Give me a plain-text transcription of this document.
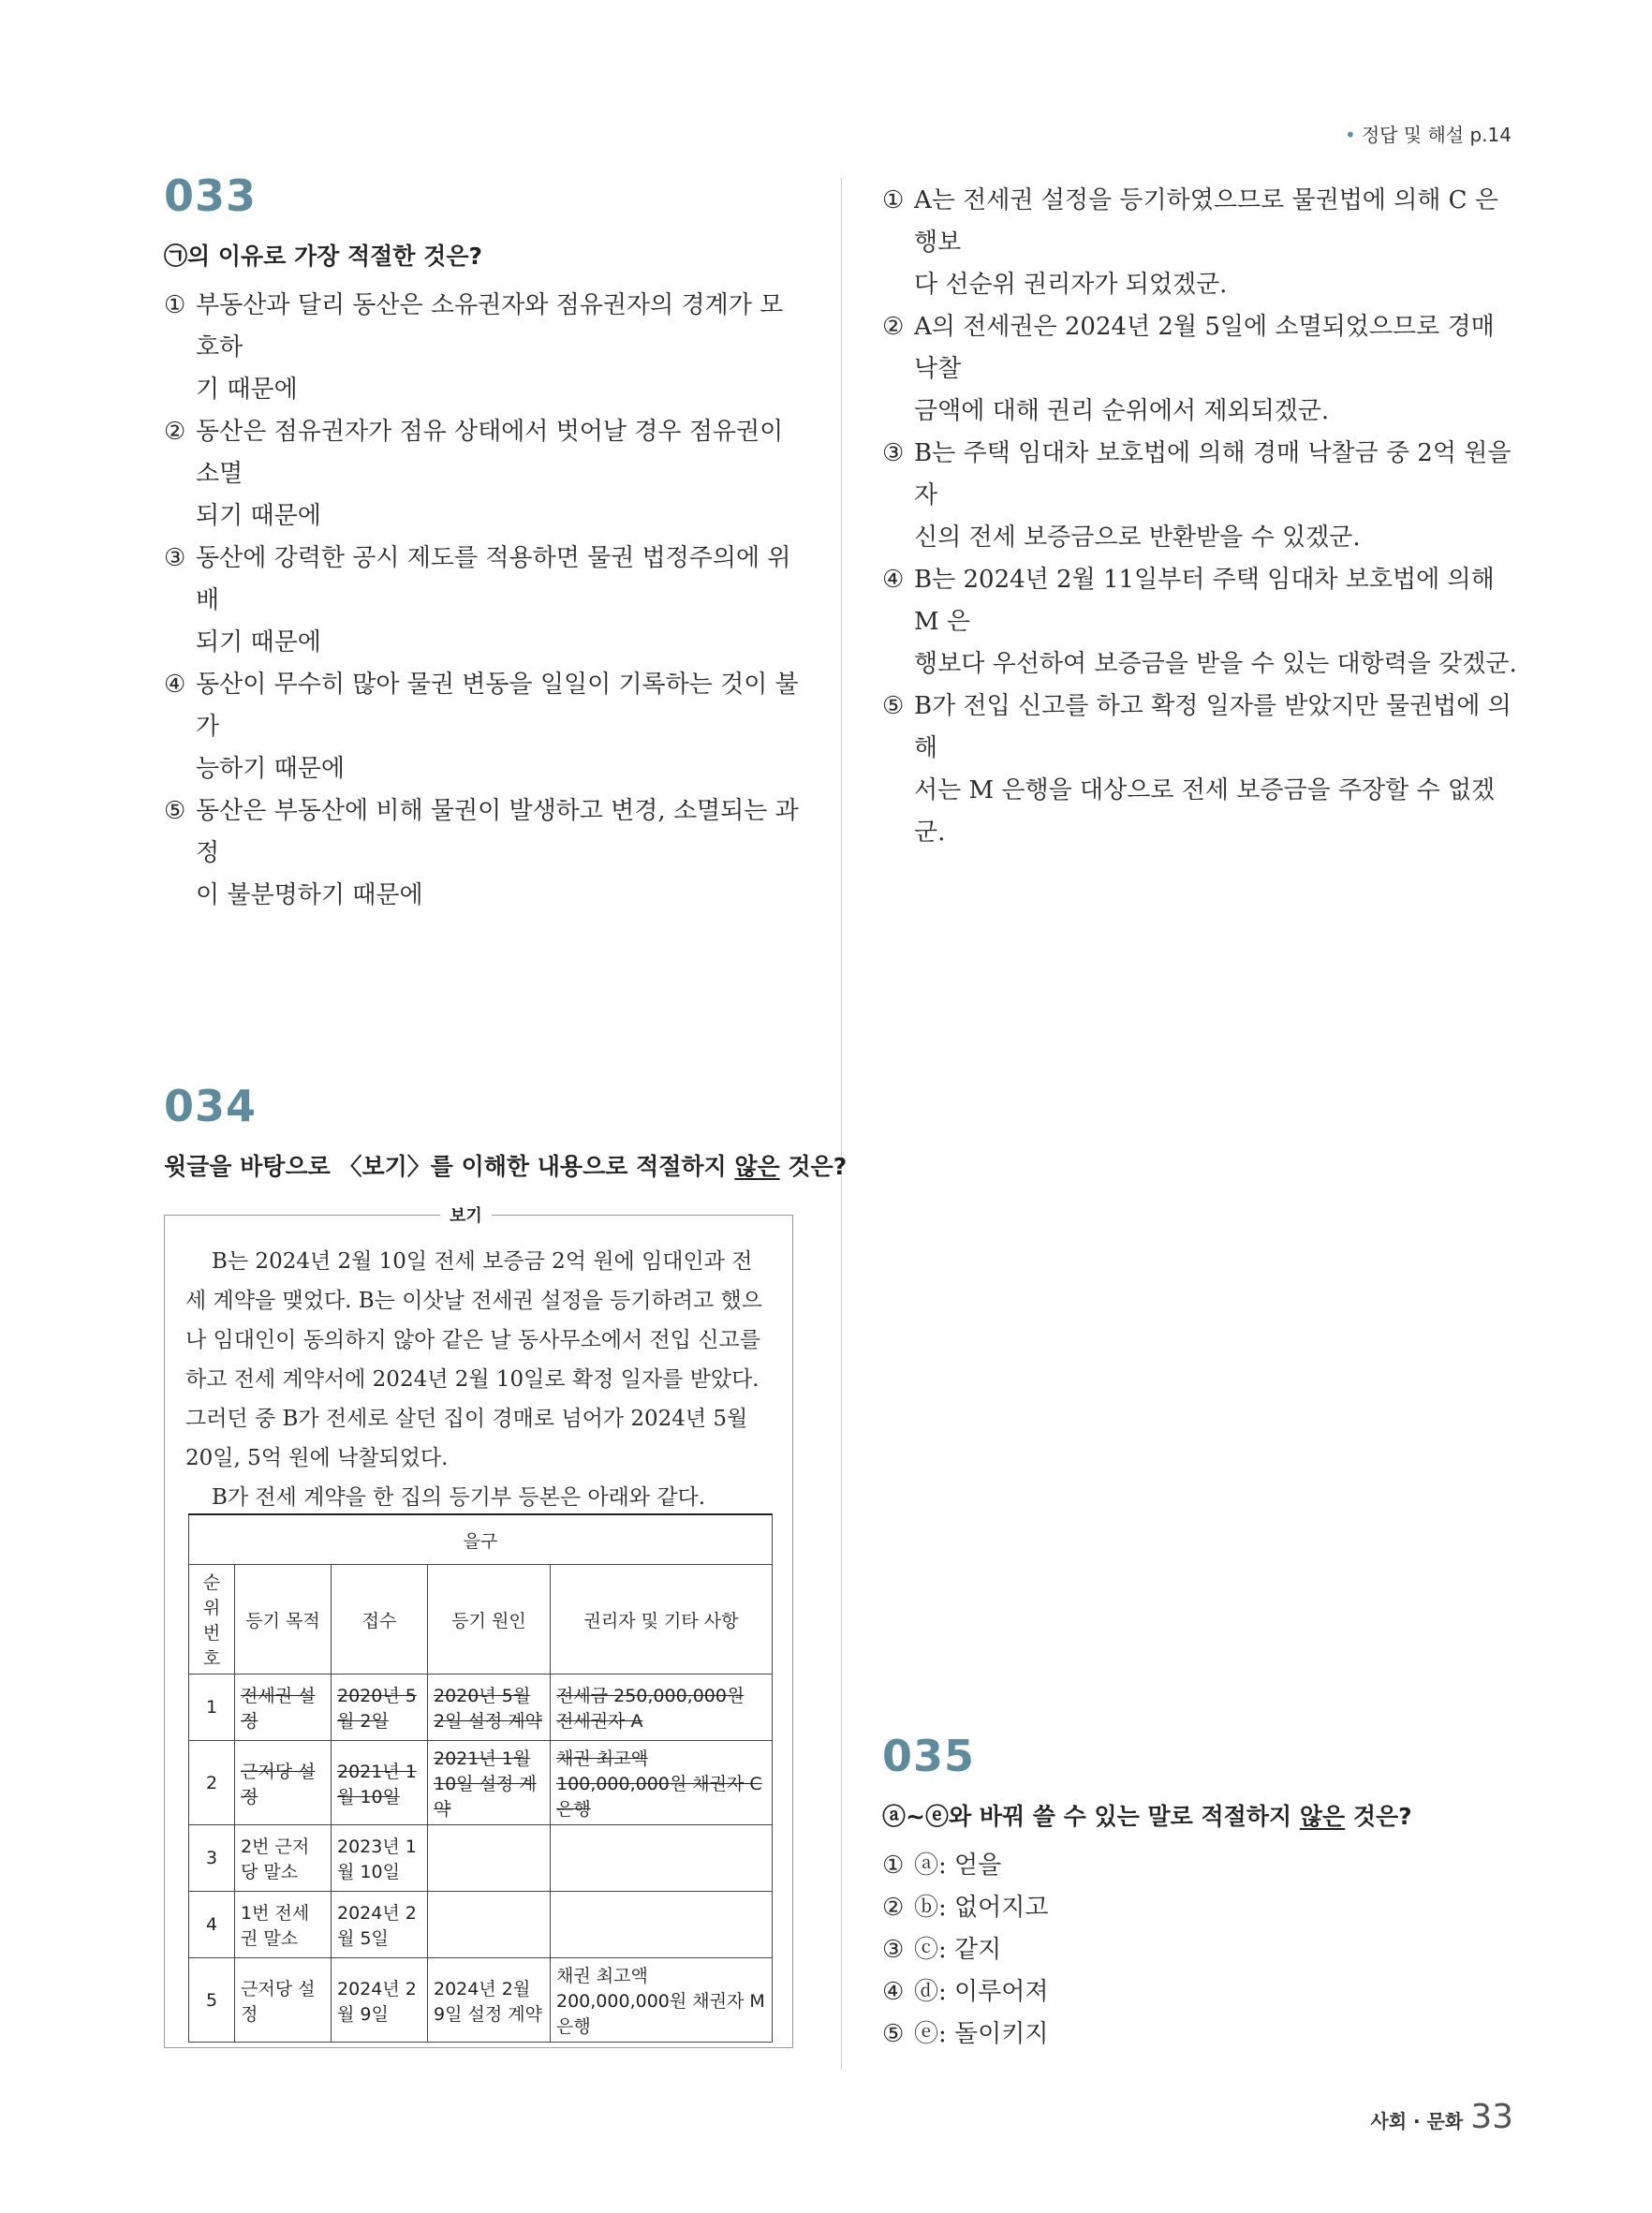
• 정답 및 해설 p.14
033
㉠의 이유로 가장 적절한 것은?
① 부동산과 달리 동산은 소유권자와 점유권자의 경계가 모호하
기 때문에
② 동산은 점유권자가 점유 상태에서 벗어날 경우 점유권이 소멸
되기 때문에
③ 동산에 강력한 공시 제도를 적용하면 물권 법정주의에 위배
되기 때문에
④ 동산이 무수히 많아 물권 변동을 일일이 기록하는 것이 불가
능하기 때문에
⑤ 동산은 부동산에 비해 물권이 발생하고 변경, 소멸되는 과정
이 불분명하기 때문에
① A는 전세권 설정을 등기하였으므로 물권법에 의해 C 은행보
다 선순위 권리자가 되었겠군.
② A의 전세권은 2024년 2월 5일에 소멸되었으므로 경매 낙찰
금액에 대해 권리 순위에서 제외되겠군.
③ B는 주택 임대차 보호법에 의해 경매 낙찰금 중 2억 원을 자
신의 전세 보증금으로 반환받을 수 있겠군.
④ B는 2024년 2월 11일부터 주택 임대차 보호법에 의해 M 은
행보다 우선하여 보증금을 받을 수 있는 대항력을 갖겠군.
⑤ B가 전입 신고를 하고 확정 일자를 받았지만 물권법에 의해
서는 M 은행을 대상으로 전세 보증금을 주장할 수 없겠군.
034
윗글을 바탕으로 〈보기〉를 이해한 내용으로 적절하지 않은 것은?

B는 2024년 2월 10일 전세 보증금 2억 원에 임대인과 전세 계약을 맺었다. B는 이삿날 전세권 설정을 등기하려고 했으나 임대인이 동의하지 않아 같은 날 동사무소에서 전입 신고를 하고 전세 계약서에 2024년 2월 10일로 확정 일자를 받았다. 그러던 중 B가 전세로 살던 집이 경매로 넘어가 2024년 5월 20일, 5억 원에 낙찰되었다.

B가 전세 계약을 한 집의 등기부 등본은 아래와 같다.

을구				
순위 번호	등기 목적	접수	등기 원인	권리자 및 기타 사항
1	전세권 설정	2020년 5월 2일	2020년 5월 2일 설정 계약	전세금 250,000,000원 전세권자 A
2	근저당 설정	2021년 1월 10일	2021년 1월 10일 설정 계약	채권 최고액 100,000,000원 채권자 C 은행
3	2번 근저당 말소	2023년 1월 10일		
4	1번 전세권 말소	2024년 2월 5일		
5	근저당 설정	2024년 2월 9일	2024년 2월 9일 설정 계약	채권 최고액 200,000,000원 채권자 M 은행
보기
035
ⓐ~ⓔ와 바꿔 쓸 수 있는 말로 적절하지 않은 것은?
① ⓐ: 얻을
② ⓑ: 없어지고
③ ⓒ: 같지
④ ⓓ: 이루어져
⑤ ⓔ: 돌이키지
사회 · 문화 33
